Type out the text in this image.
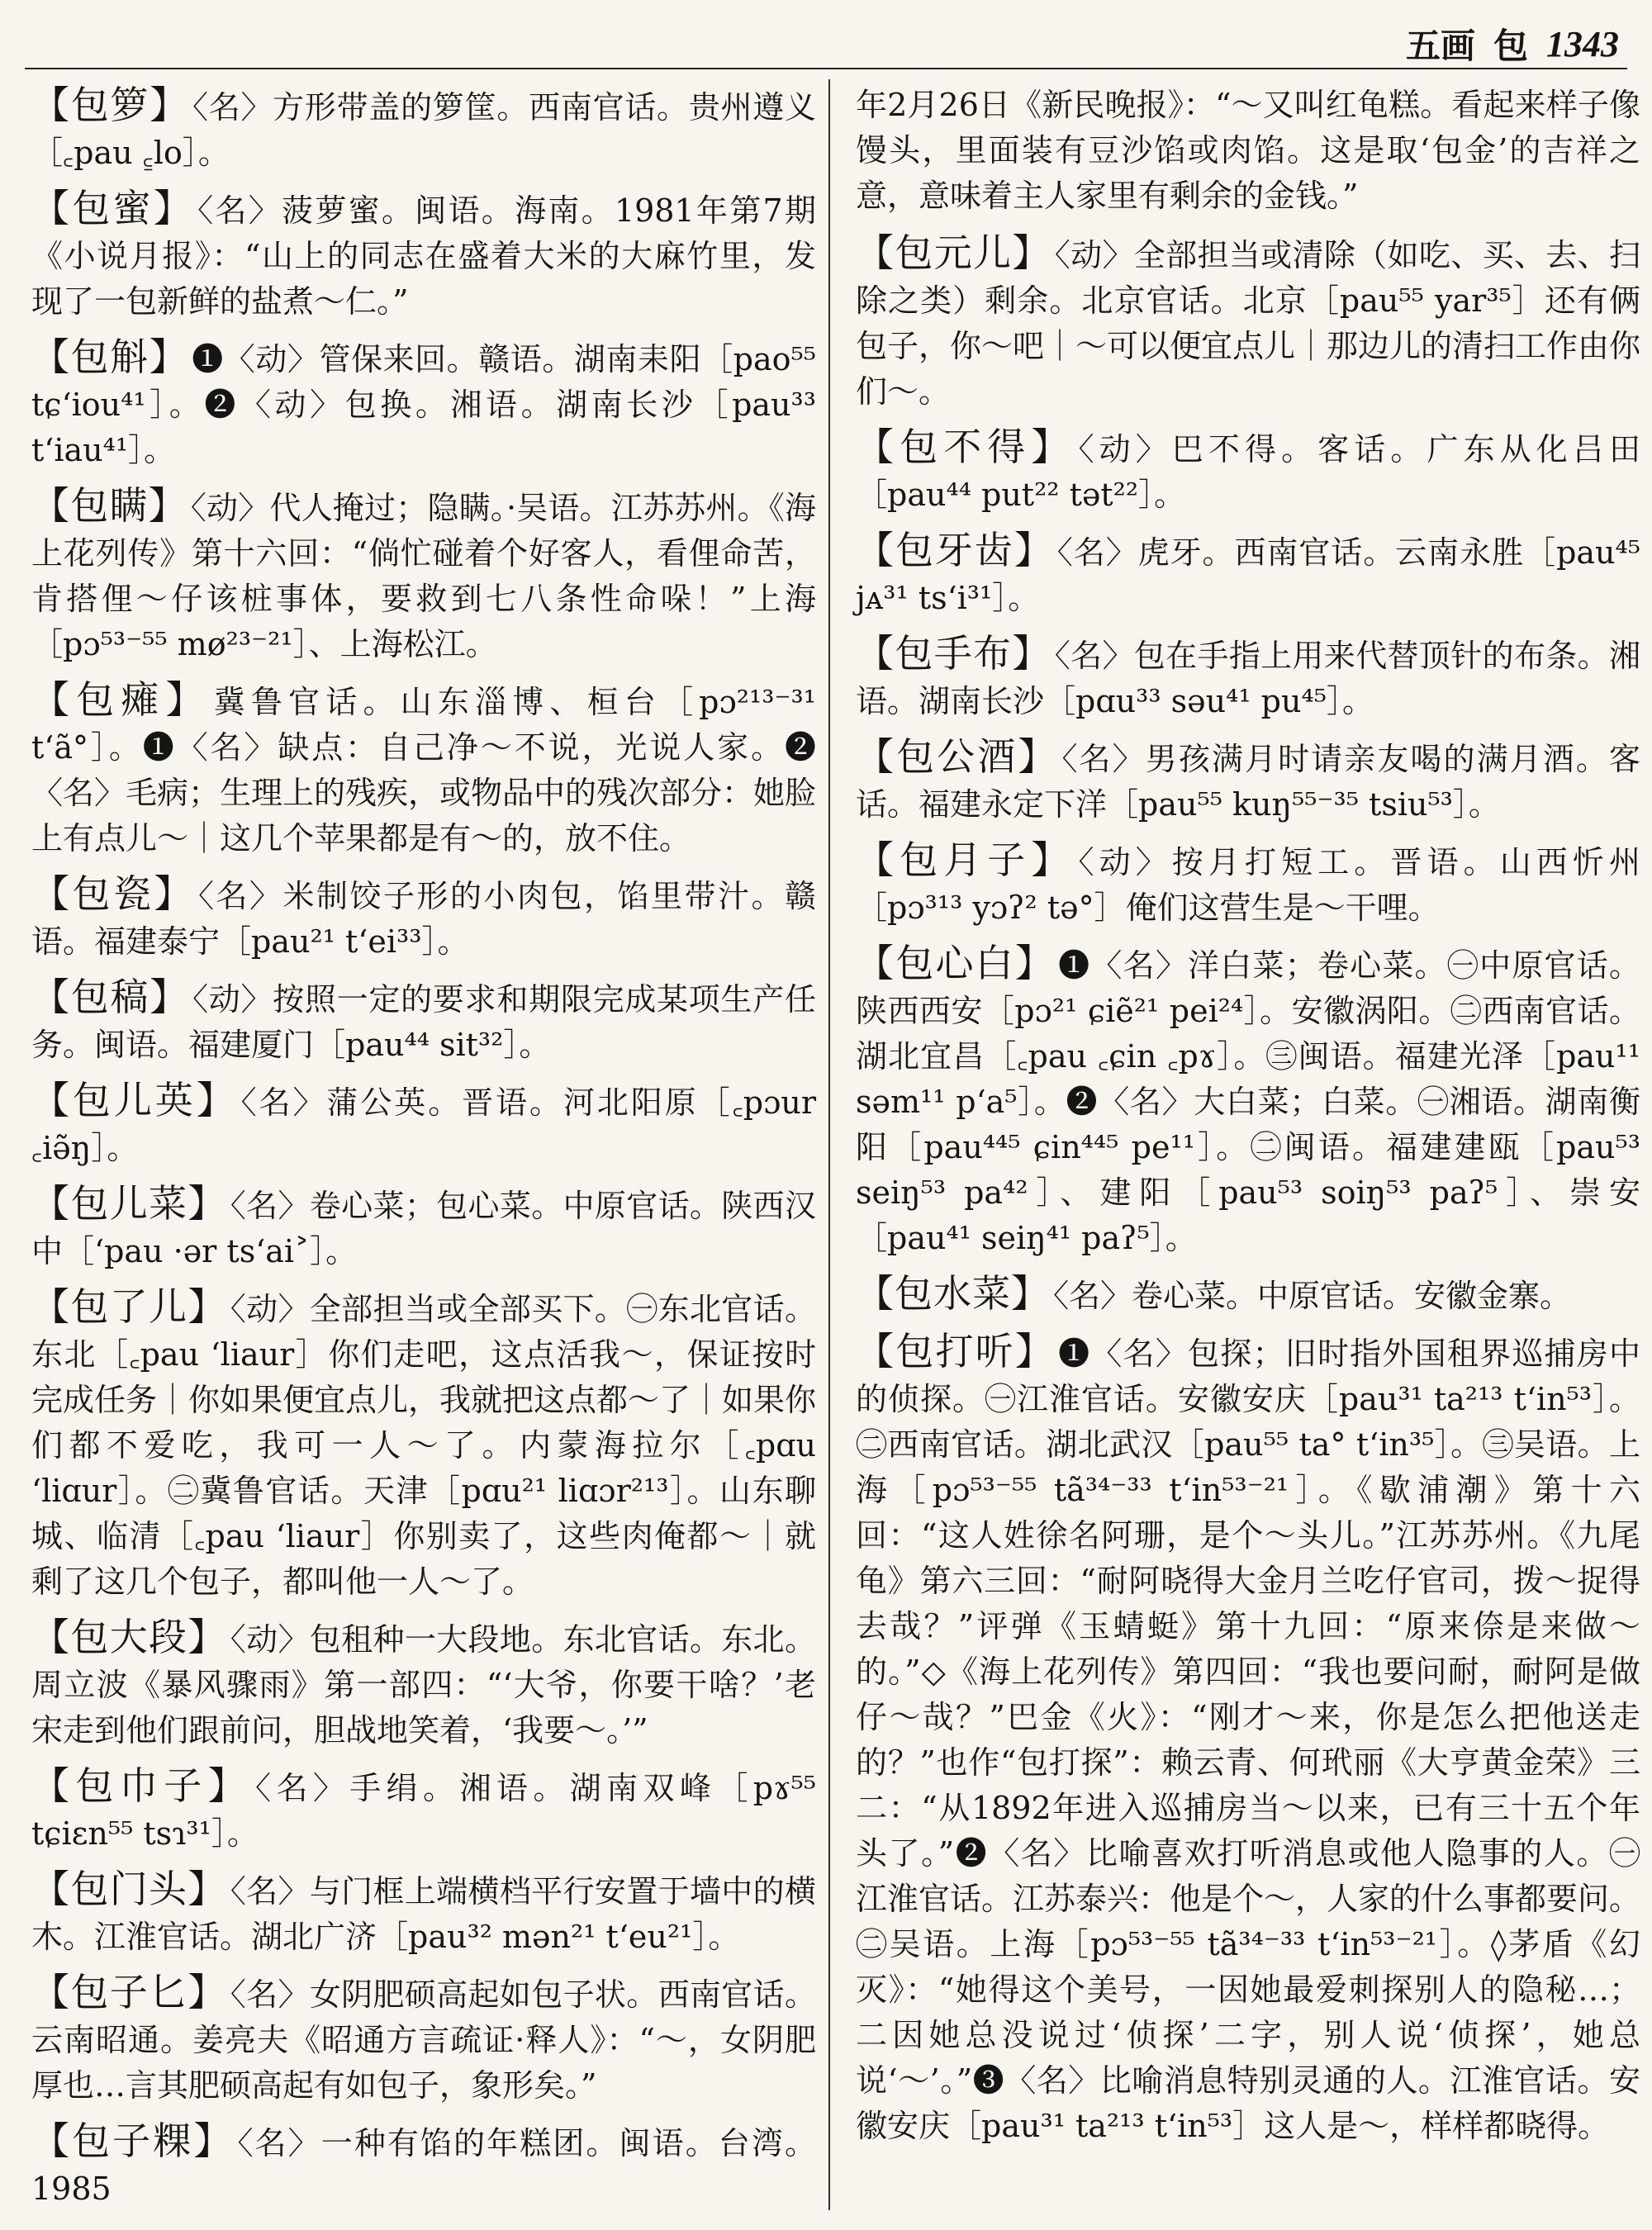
五画 包 1343
【包箩】 〈名〉方形带盖的箩筐。西南官话。贵州遵义［꜀pau ꜁lo］。
【包蜜】 〈名〉菠萝蜜。闽语。海南。1981年第7期《小说月报》：“山上的同志在盛着大米的大麻竹里，发现了一包新鲜的盐煮～仁。”
【包斛】 ❶〈动〉管保来回。赣语。湖南耒阳［pao⁵⁵ tɕʻiou⁴¹］。❷〈动〉包换。湘语。湖南长沙［pau³³ tʻiau⁴¹］。
【包瞒】 〈动〉代人掩过；隐瞒。·吴语。江苏苏州。《海上花列传》第十六回：“倘忙碰着个好客人，看俚命苦，肯搭俚～仔该桩事体，要救到七八条性命哚！”上海［pɔ⁵³⁻⁵⁵ mø²³⁻²¹］、上海松江。
【包瘫】 冀鲁官话。山东淄博、桓台［pɔ²¹³⁻³¹ tʻã°］。❶〈名〉缺点：自己净～不说，光说人家。❷〈名〉毛病；生理上的残疾，或物品中的残次部分：她脸上有点儿～｜这几个苹果都是有～的，放不住。
【包瓷】 〈名〉米制饺子形的小肉包，馅里带汁。赣语。福建泰宁［pau²¹ tʻei³³］。
【包稿】 〈动〉按照一定的要求和期限完成某项生产任务。闽语。福建厦门［pau⁴⁴ sit³²］。
【包儿英】 〈名〉蒲公英。晋语。河北阳原［꜀pɔur ꜀iə̃ŋ］。
【包儿菜】 〈名〉卷心菜；包心菜。中原官话。陕西汉中［ʻpau ·ər tsʻai˃］。
【包了儿】 〈动〉全部担当或全部买下。㊀东北官话。东北［꜀pau ʻliaur］你们走吧，这点活我～，保证按时完成任务｜你如果便宜点儿，我就把这点都～了｜如果你们都不爱吃，我可一人～了。内蒙海拉尔［꜀pɑu ʻliɑur］。㊁冀鲁官话。天津［pɑu²¹ liɑɔr²¹³］。山东聊城、临清［꜀pau ʻliaur］你别卖了，这些肉俺都～｜就剩了这几个包子，都叫他一人～了。
【包大段】 〈动〉包租种一大段地。东北官话。东北。周立波《暴风骤雨》第一部四：“‘大爷，你要干啥？’老宋走到他们跟前问，胆战地笑着，‘我要～。’”
【包巾子】 〈名〉手绢。湘语。湖南双峰［pɤ⁵⁵ tɕiɛn⁵⁵ tsɿ³¹］。
【包门头】 〈名〉与门框上端横档平行安置于墙中的横木。江淮官话。湖北广济［pau³² mən²¹ tʻeu²¹］。
【包子匕】 〈名〉女阴肥硕高起如包子状。西南官话。云南昭通。姜亮夫《昭通方言疏证·释人》：“～，女阴肥厚也…言其肥硕高起有如包子，象形矣。”
【包子粿】 〈名〉一种有馅的年糕团。闽语。台湾。1985
年2月26日《新民晚报》：“～又叫红龟糕。看起来样子像馒头，里面装有豆沙馅或肉馅。这是取‘包金’的吉祥之意，意味着主人家里有剩余的金钱。”
【包元儿】 〈动〉全部担当或清除（如吃、买、去、扫除之类）剩余。北京官话。北京［pau⁵⁵ yar³⁵］还有俩包子，你～吧｜～可以便宜点儿｜那边儿的清扫工作由你们～。
【包不得】 〈动〉巴不得。客话。广东从化吕田［pau⁴⁴ put²² tət²²］。
【包牙齿】 〈名〉虎牙。西南官话。云南永胜［pau⁴⁵ jᴀ³¹ tsʻi³¹］。
【包手布】 〈名〉包在手指上用来代替顶针的布条。湘语。湖南长沙［pɑu³³ səu⁴¹ pu⁴⁵］。
【包公酒】 〈名〉男孩满月时请亲友喝的满月酒。客话。福建永定下洋［pau⁵⁵ kuŋ⁵⁵⁻³⁵ tsiu⁵³］。
【包月子】 〈动〉按月打短工。晋语。山西忻州［pɔ³¹³ yɔʔ² tə°］俺们这营生是～干哩。
【包心白】 ❶〈名〉洋白菜；卷心菜。㊀中原官话。陕西西安［pɔ²¹ ɕiẽ²¹ pei²⁴］。安徽涡阳。㊁西南官话。湖北宜昌［꜀pau ꜀ɕin ꜀pɤ］。㊂闽语。福建光泽［pau¹¹ səm¹¹ pʻa⁵］。❷〈名〉大白菜；白菜。㊀湘语。湖南衡阳［pau⁴⁴⁵ ɕin⁴⁴⁵ pe¹¹］。㊁闽语。福建建瓯［pau⁵³ seiŋ⁵³ pa⁴²］、建阳［pau⁵³ soiŋ⁵³ paʔ⁵］、崇安［pau⁴¹ seiŋ⁴¹ paʔ⁵］。
【包水菜】 〈名〉卷心菜。中原官话。安徽金寨。
【包打听】 ❶〈名〉包探；旧时指外国租界巡捕房中的侦探。㊀江淮官话。安徽安庆［pau³¹ ta²¹³ tʻin⁵³］。㊁西南官话。湖北武汉［pau⁵⁵ ta° tʻin³⁵］。㊂吴语。上海［pɔ⁵³⁻⁵⁵ tã³⁴⁻³³ tʻin⁵³⁻²¹］。《歇浦潮》第十六回：“这人姓徐名阿珊，是个～头儿。”江苏苏州。《九尾龟》第六三回：“耐阿晓得大金月兰吃仔官司，拨～捉得去哉？”评弹《玉蜻蜓》第十九回：“原来倷是来做～的。”◇《海上花列传》第四回：“我也要问耐，耐阿是做仔～哉？”巴金《火》：“刚才～来，你是怎么把他送走的？”也作“包打探”：赖云青、何玳丽《大亨黄金荣》三二：“从1892年进入巡捕房当～以来，已有三十五个年头了。”❷〈名〉比喻喜欢打听消息或他人隐事的人。㊀江淮官话。江苏泰兴：他是个～，人家的什么事都要问。㊁吴语。上海［pɔ⁵³⁻⁵⁵ tã³⁴⁻³³ tʻin⁵³⁻²¹］。◊茅盾《幻灭》：“她得这个美号，一因她最爱刺探别人的隐秘…；二因她总没说过‘侦探’二字，别人说‘侦探’，她总说‘～’。”❸〈名〉比喻消息特别灵通的人。江淮官话。安徽安庆［pau³¹ ta²¹³ tʻin⁵³］这人是～，样样都晓得。
